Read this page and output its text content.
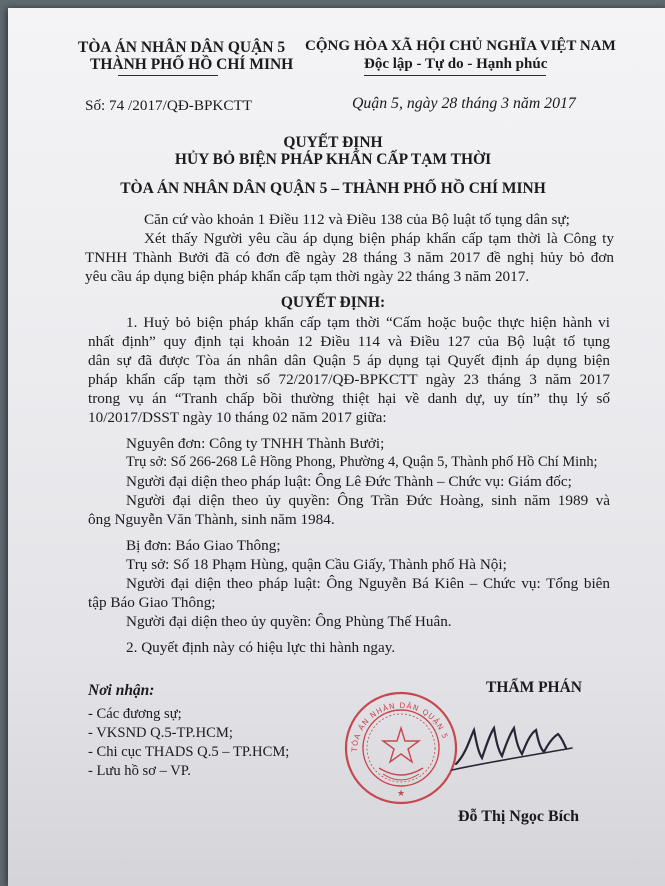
TÒA ÁN NHÂN DÂN QUẬN 5
THÀNH PHỐ HỒ CHÍ MINH
CỘNG HÒA XÃ HỘI CHỦ NGHĨA VIỆT NAM
Độc lập - Tự do - Hạnh phúc
Số: 74 /2017/QĐ-BPKCTT	Quận 5, ngày 28 tháng 3 năm 2017
QUYẾT ĐỊNH
HỦY BỎ BIỆN PHÁP KHẨN CẤP TẠM THỜI
TÒA ÁN NHÂN DÂN QUẬN 5 – THÀNH PHỐ HỒ CHÍ MINH
Căn cứ vào khoản 1 Điều 112 và Điều 138 của Bộ luật tố tụng dân sự;
Xét thấy Người yêu cầu áp dụng biện pháp khẩn cấp tạm thời là Công ty
TNHH Thành Bưởi đã có đơn đề ngày 28 tháng 3 năm 2017 đề nghị hủy bỏ đơn
yêu cầu áp dụng biện pháp khẩn cấp tạm thời ngày 22 tháng 3 năm 2017.
QUYẾT ĐỊNH:
1. Huỷ bỏ biện pháp khẩn cấp tạm thời “Cấm hoặc buộc thực hiện hành vi
nhất định” quy định tại khoản 12 Điều 114 và Điều 127 của Bộ luật tố tụng
dân sự đã được Tòa án nhân dân Quận 5 áp dụng tại Quyết định áp dụng biện
pháp khẩn cấp tạm thời số 72/2017/QĐ-BPKCTT ngày 23 tháng 3 năm 2017
trong vụ án “Tranh chấp bồi thường thiệt hại về danh dự, uy tín” thụ lý số
10/2017/DSST ngày 10 tháng 02 năm 2017 giữa:
Nguyên đơn: Công ty TNHH Thành Bưởi;
Trụ sở: Số 266-268 Lê Hồng Phong, Phường 4, Quận 5, Thành phố Hồ Chí Minh;
Người đại diện theo pháp luật: Ông Lê Đức Thành – Chức vụ: Giám đốc;
Người đại diện theo ủy quyền: Ông Trần Đức Hoàng, sinh năm 1989 và
ông Nguyễn Văn Thành, sinh năm 1984.
Bị đơn: Báo Giao Thông;
Trụ sở: Số 18 Phạm Hùng, quận Cầu Giấy, Thành phố Hà Nội;
Người đại diện theo pháp luật: Ông Nguyễn Bá Kiên – Chức vụ: Tổng biên
tập Báo Giao Thông;
Người đại diện theo ủy quyền: Ông Phùng Thế Huân.
2. Quyết định này có hiệu lực thi hành ngay.
Nơi nhận:
- Các đương sự;
- VKSND Q.5-TP.HCM;
- Chi cục THADS Q.5 – TP.HCM;
- Lưu hồ sơ – VP.
THẨM PHÁN
TÒA ÁN NHÂN DÂN QUẬN 5
★
Đỗ Thị Ngọc Bích
